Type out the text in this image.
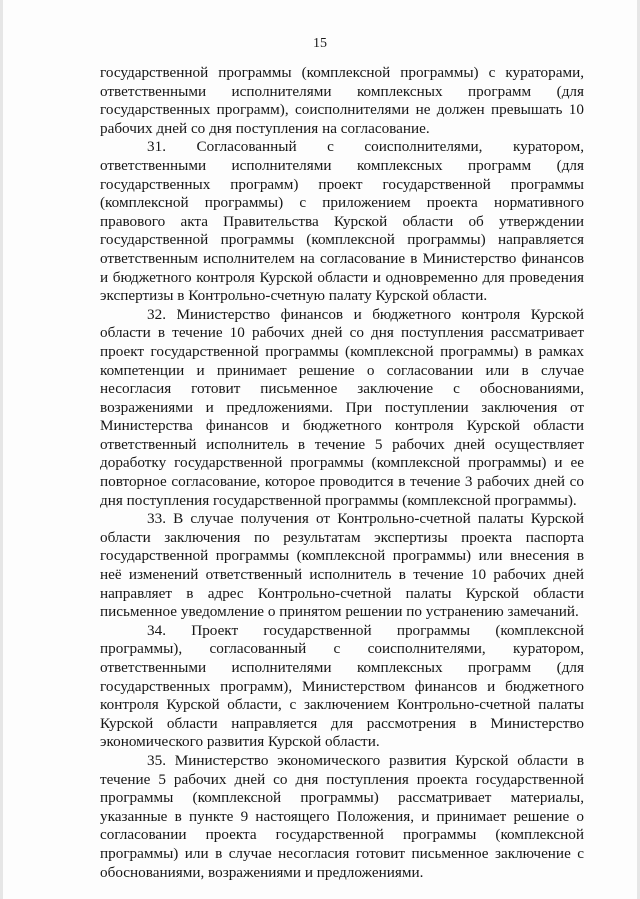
15

государственной программы (комплексной программы) с кураторами, ответственными исполнителями комплексных программ (для государственных программ), соисполнителями не должен превышать 10 рабочих дней со дня поступления на согласование.

31. Согласованный с соисполнителями, куратором, ответственными исполнителями комплексных программ (для государственных программ) проект государственной программы (комплексной программы) с приложением проекта нормативного правового акта Правительства Курской области об утверждении государственной программы (комплексной программы) направляется ответственным исполнителем на согласование в Министерство финансов и бюджетного контроля Курской области и одновременно для проведения экспертизы в Контрольно-счетную палату Курской области.

32. Министерство финансов и бюджетного контроля Курской области в течение 10 рабочих дней со дня поступления рассматривает проект государственной программы (комплексной программы) в рамках компетенции и принимает решение о согласовании или в случае несогласия готовит письменное заключение с обоснованиями, возражениями и предложениями. При поступлении заключения от Министерства финансов и бюджетного контроля Курской области ответственный исполнитель в течение 5 рабочих дней осуществляет доработку государственной программы (комплексной программы) и ее повторное согласование, которое проводится в течение 3 рабочих дней со дня поступления государственной программы (комплексной программы).

33. В случае получения от Контрольно-счетной палаты Курской области заключения по результатам экспертизы проекта паспорта государственной программы (комплексной программы) или внесения в неё изменений ответственный исполнитель в течение 10 рабочих дней направляет в адрес Контрольно-счетной палаты Курской области письменное уведомление о принятом решении по устранению замечаний.

34. Проект государственной программы (комплексной программы), согласованный с соисполнителями, куратором, ответственными исполнителями комплексных программ (для государственных программ), Министерством финансов и бюджетного контроля Курской области, с заключением Контрольно-счетной палаты Курской области направляется для рассмотрения в Министерство экономического развития Курской области.

35. Министерство экономического развития Курской области в течение 5 рабочих дней со дня поступления проекта государственной программы (комплексной программы) рассматривает материалы, указанные в пункте 9 настоящего Положения, и принимает решение о согласовании проекта государственной программы (комплексной программы) или в случае несогласия готовит письменное заключение с обоснованиями, возражениями и предложениями.
